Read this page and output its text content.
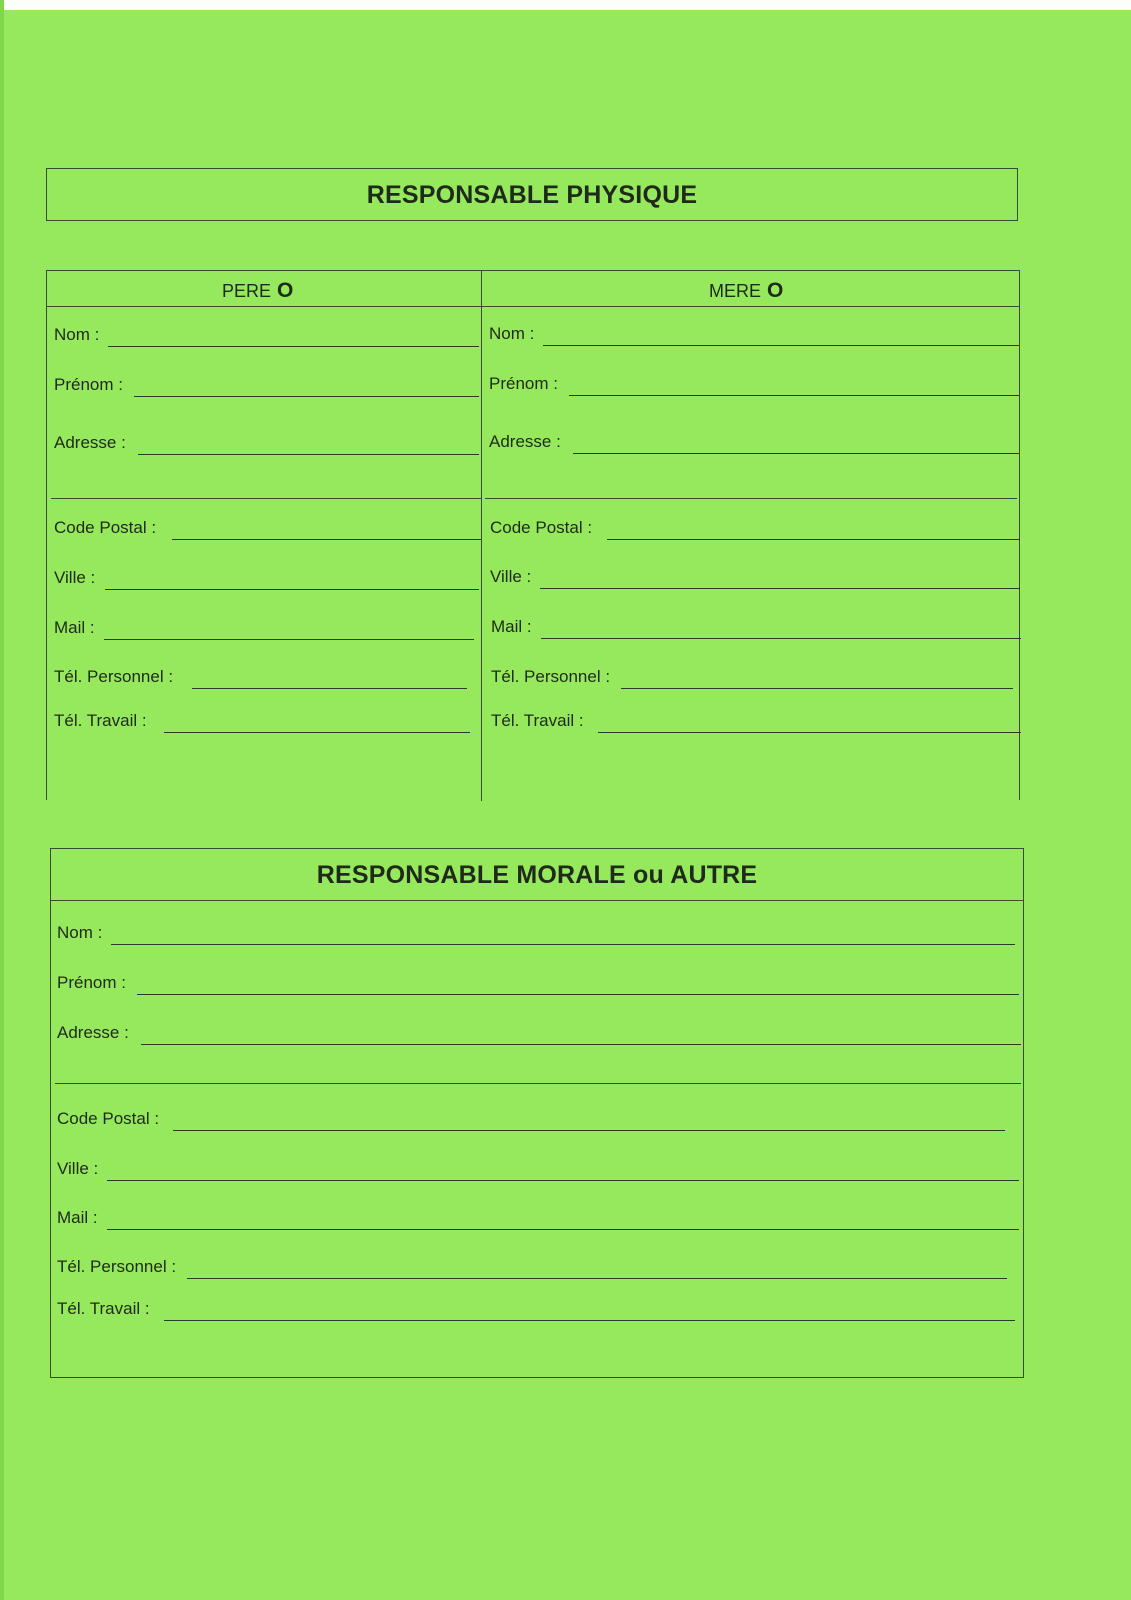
RESPONSABLE PHYSIQUE
PERE O	MERE O
Nom :
Prénom :
Adresse :
Code Postal :
Ville :
Mail :
Tél. Personnel :
Tél. Travail :
Nom :
Prénom :
Adresse :
Code Postal :
Ville :
Mail :
Tél. Personnel :
Tél. Travail :
RESPONSABLE MORALE ou AUTRE
Nom :
Prénom :
Adresse :
Code Postal :
Ville :
Mail :
Tél. Personnel :
Tél. Travail :
